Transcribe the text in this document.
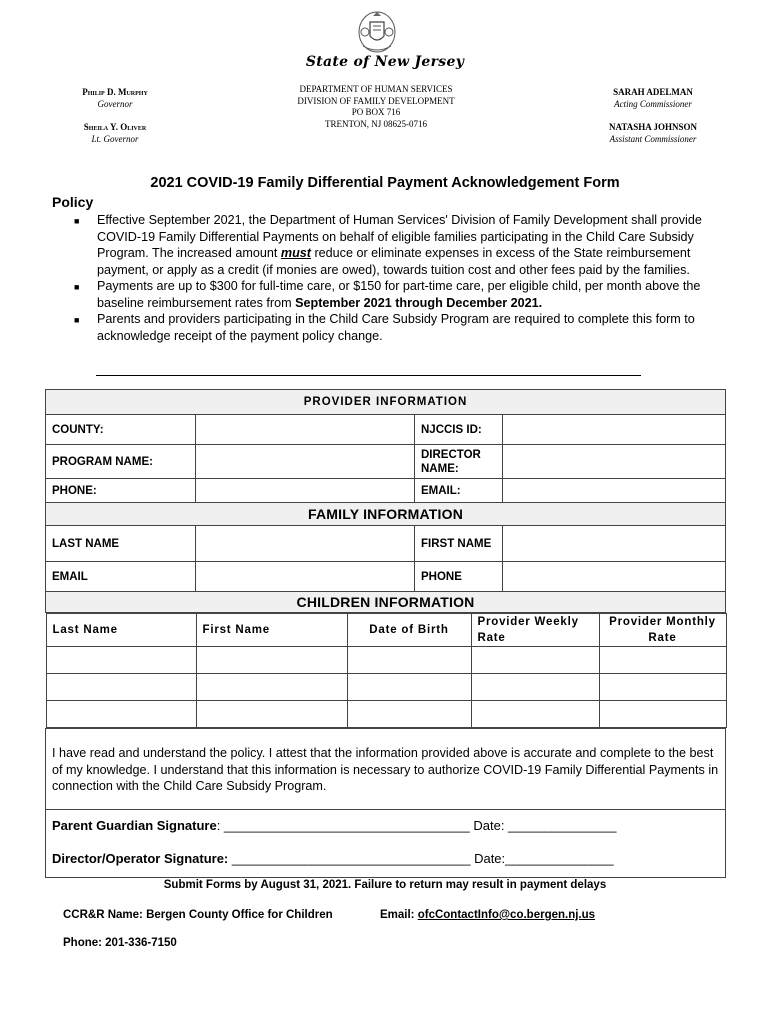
State of New Jersey
Philip D. Murphy
Governor
Sheila Y. Oliver
Lt. Governor
DEPARTMENT OF HUMAN SERVICES
DIVISION OF FAMILY DEVELOPMENT
PO BOX 716
TRENTON, NJ 08625-0716
SARAH ADELMAN
Acting Commissioner
NATASHA JOHNSON
Assistant Commissioner
2021 COVID-19 Family Differential Payment Acknowledgement Form
Policy
■	Effective September 2021, the Department of Human Services' Division of Family Development shall provide COVID-19 Family Differential Payments on behalf of eligible families participating in the Child Care Subsidy Program. The increased amount must reduce or eliminate expenses in excess of the State reimbursement payment, or apply as a credit (if monies are owed), towards tuition cost and other fees paid by the families.
■	Payments are up to $300 for full-time care, or $150 for part-time care, per eligible child, per month above the baseline reimbursement rates from September 2021 through December 2021.
■	Parents and providers participating in the Child Care Subsidy Program are required to complete this form to acknowledge receipt of the payment policy change.
PROVIDER INFORMATION
COUNTY:		NJCCIS ID:	
PROGRAM NAME:		DIRECTOR NAME:	
PHONE:		EMAIL:	
FAMILY INFORMATION
LAST NAME		FIRST NAME	
EMAIL		PHONE	
CHILDREN INFORMATION

Last Name	First Name	Date of Birth	Provider Weekly Rate	Provider Monthly Rate

I have read and understand the policy. I attest that the information provided above is accurate and complete to the best of my knowledge. I understand that this information is necessary to authorize COVID-19 Family Differential Payments in connection with the Child Care Subsidy Program.
Parent Guardian Signature: __________________________________ Date: _______________
Director/Operator Signature: _________________________________ Date:_______________
Submit Forms by August 31, 2021. Failure to return may result in payment delays
CCR&R Name: Bergen County Office for Children	Email: ofcContactInfo@co.bergen.nj.us
Phone: 201-336-7150
